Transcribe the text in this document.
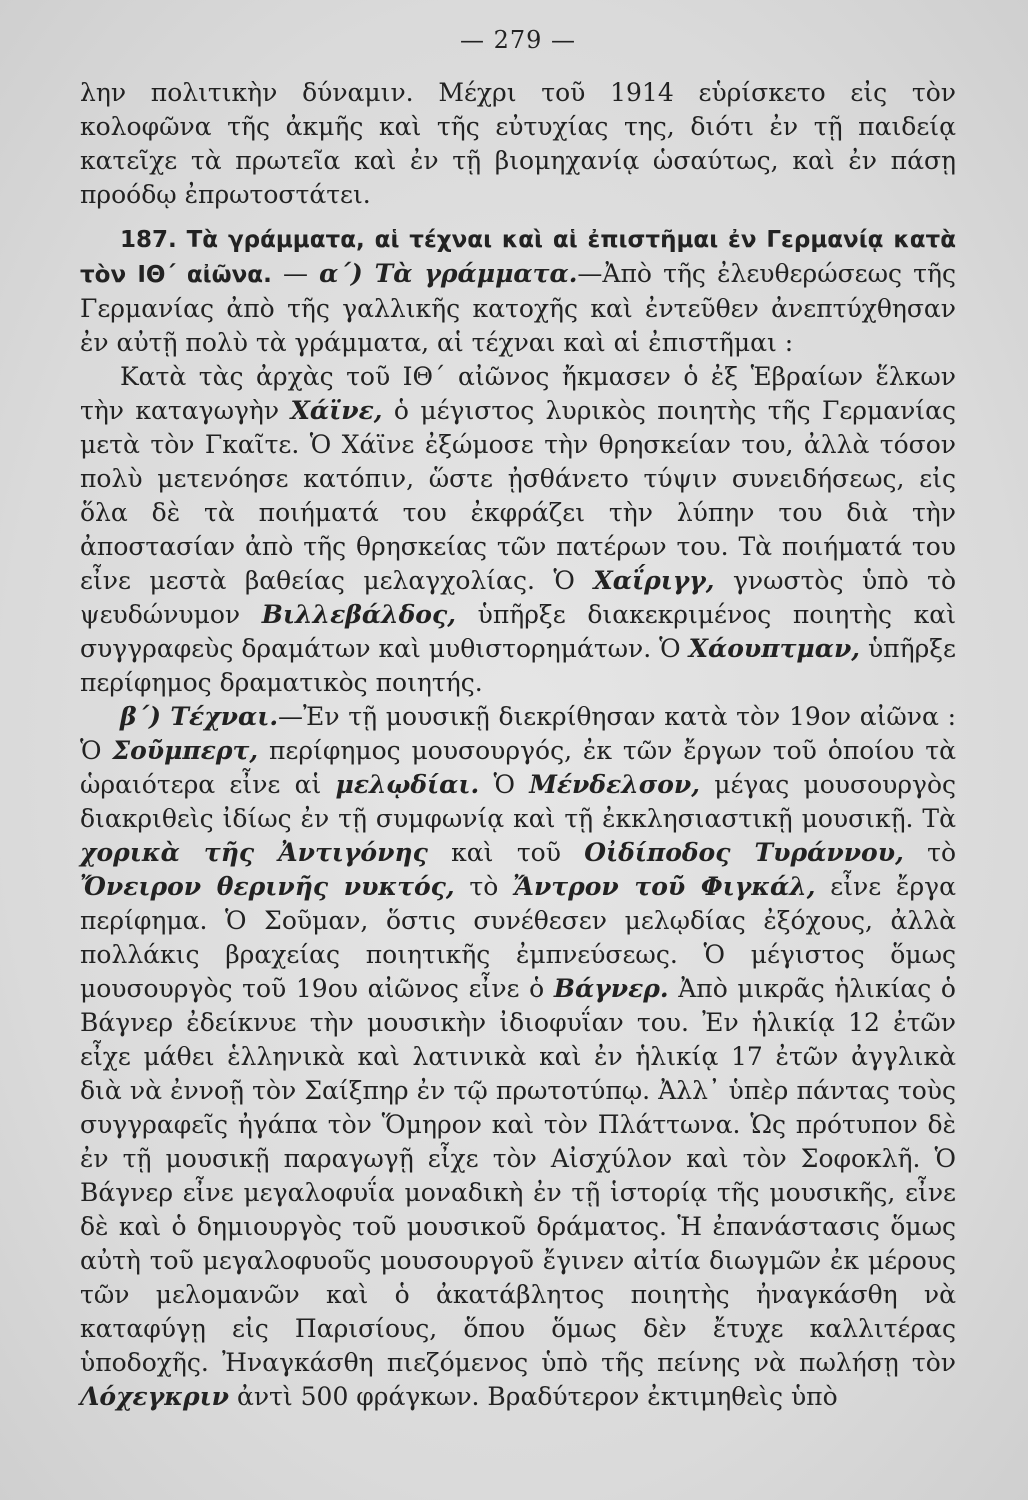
— 279 —

λην πολιτικὴν δύναμιν. Μέχρι τοῦ 1914 εὑρίσκετο εἰς τὸν κολοφῶνα τῆς ἀκμῆς καὶ τῆς εὐτυχίας της, διότι ἐν τῇ παιδείᾳ κατεῖχε τὰ πρωτεῖα καὶ ἐν τῇ βιομηχανίᾳ ὡσαύτως, καὶ ἐν πάσῃ προόδῳ ἐπρωτοστάτει.

187. Τὰ γράμματα, αἱ τέχναι καὶ αἱ ἐπιστῆμαι ἐν Γερμανίᾳ κατὰ τὸν ΙΘ΄ αἰῶνα. — α΄) Τὰ γράμματα.—Ἀπὸ τῆς ἐλευθερώσεως τῆς Γερμανίας ἀπὸ τῆς γαλλικῆς κατοχῆς καὶ ἐντεῦθεν ἀνεπτύχθησαν ἐν αὐτῇ πολὺ τὰ γράμματα, αἱ τέχναι καὶ αἱ ἐπιστῆμαι :

Κατὰ τὰς ἀρχὰς τοῦ ΙΘ΄ αἰῶνος ἤκμασεν ὁ ἐξ Ἑβραίων ἕλκων τὴν καταγωγὴν Χάϊνε, ὁ μέγιστος λυρικὸς ποιητὴς τῆς Γερμανίας μετὰ τὸν Γκαῖτε. Ὁ Χάϊνε ἐξώμοσε τὴν θρησκείαν του, ἀλλὰ τόσον πολὺ μετενόησε κατόπιν, ὥστε ᾐσθάνετο τύψιν συνειδήσεως, εἰς ὅλα δὲ τὰ ποιήματά του ἐκφράζει τὴν λύπην του διὰ τὴν ἀποστασίαν ἀπὸ τῆς θρησκείας τῶν πατέρων του. Τὰ ποιήματά του εἶνε μεστὰ βαθείας μελαγχολίας. Ὁ Χαΐριγγ, γνωστὸς ὑπὸ τὸ ψευδώνυμον Βιλλεβάλδος, ὑπῆρξε διακεκριμένος ποιητὴς καὶ συγγραφεὺς δραμάτων καὶ μυθιστορημάτων. Ὁ Χάουπτμαν, ὑπῆρξε περίφημος δραματικὸς ποιητής.

β΄) Τέχναι.—Ἐν τῇ μουσικῇ διεκρίθησαν κατὰ τὸν 19ον αἰῶνα : Ὁ Σοῦμπερτ, περίφημος μουσουργός, ἐκ τῶν ἔργων τοῦ ὁποίου τὰ ὡραιότερα εἶνε αἱ μελῳδίαι. Ὁ Μένδελσον, μέγας μουσουργὸς διακριθεὶς ἰδίως ἐν τῇ συμφωνίᾳ καὶ τῇ ἐκκλησιαστικῇ μουσικῇ. Τὰ χορικὰ τῆς Ἀντιγόνης καὶ τοῦ Οἰδίποδος Τυράννου, τὸ Ὄνειρον θερινῆς νυκτός, τὸ Ἄντρον τοῦ Φιγκάλ, εἶνε ἔργα περίφημα. Ὁ Σοῦμαν, ὅστις συνέθεσεν μελῳδίας ἐξόχους, ἀλλὰ πολλάκις βραχείας ποιητικῆς ἐμπνεύσεως. Ὁ μέγιστος ὅμως μουσουργὸς τοῦ 19ου αἰῶνος εἶνε ὁ Βάγνερ. Ἀπὸ μικρᾶς ἡλικίας ὁ Βάγνερ ἐδείκνυε τὴν μουσικὴν ἰδιοφυΐαν του. Ἐν ἡλικίᾳ 12 ἐτῶν εἶχε μάθει ἑλληνικὰ καὶ λατινικὰ καὶ ἐν ἡλικίᾳ 17 ἐτῶν ἀγγλικὰ διὰ νὰ ἐννοῇ τὸν Σαίξπηρ ἐν τῷ πρωτοτύπῳ. Ἀλλ᾿ ὑπὲρ πάντας τοὺς συγγραφεῖς ἠγάπα τὸν Ὅμηρον καὶ τὸν Πλάττωνα. Ὡς πρότυπον δὲ ἐν τῇ μουσικῇ παραγωγῇ εἶχε τὸν Αἰσχύλον καὶ τὸν Σοφοκλῆ. Ὁ Βάγνερ εἶνε μεγαλοφυΐα μοναδικὴ ἐν τῇ ἱστορίᾳ τῆς μουσικῆς, εἶνε δὲ καὶ ὁ δημιουργὸς τοῦ μουσικοῦ δράματος. Ἡ ἐπανάστασις ὅμως αὐτὴ τοῦ μεγαλοφυοῦς μουσουργοῦ ἔγινεν αἰτία διωγμῶν ἐκ μέρους τῶν μελομανῶν καὶ ὁ ἀκατάβλητος ποιητὴς ἠναγκάσθη νὰ καταφύγῃ εἰς Παρισίους, ὅπου ὅμως δὲν ἔτυχε καλλιτέρας ὑποδοχῆς. Ἠναγκάσθη πιεζόμενος ὑπὸ τῆς πείνης νὰ πωλήσῃ τὸν Λόχεγκριν ἀντὶ 500 φράγκων. Βραδύτερον ἐκτιμηθεὶς ὑπὸ
